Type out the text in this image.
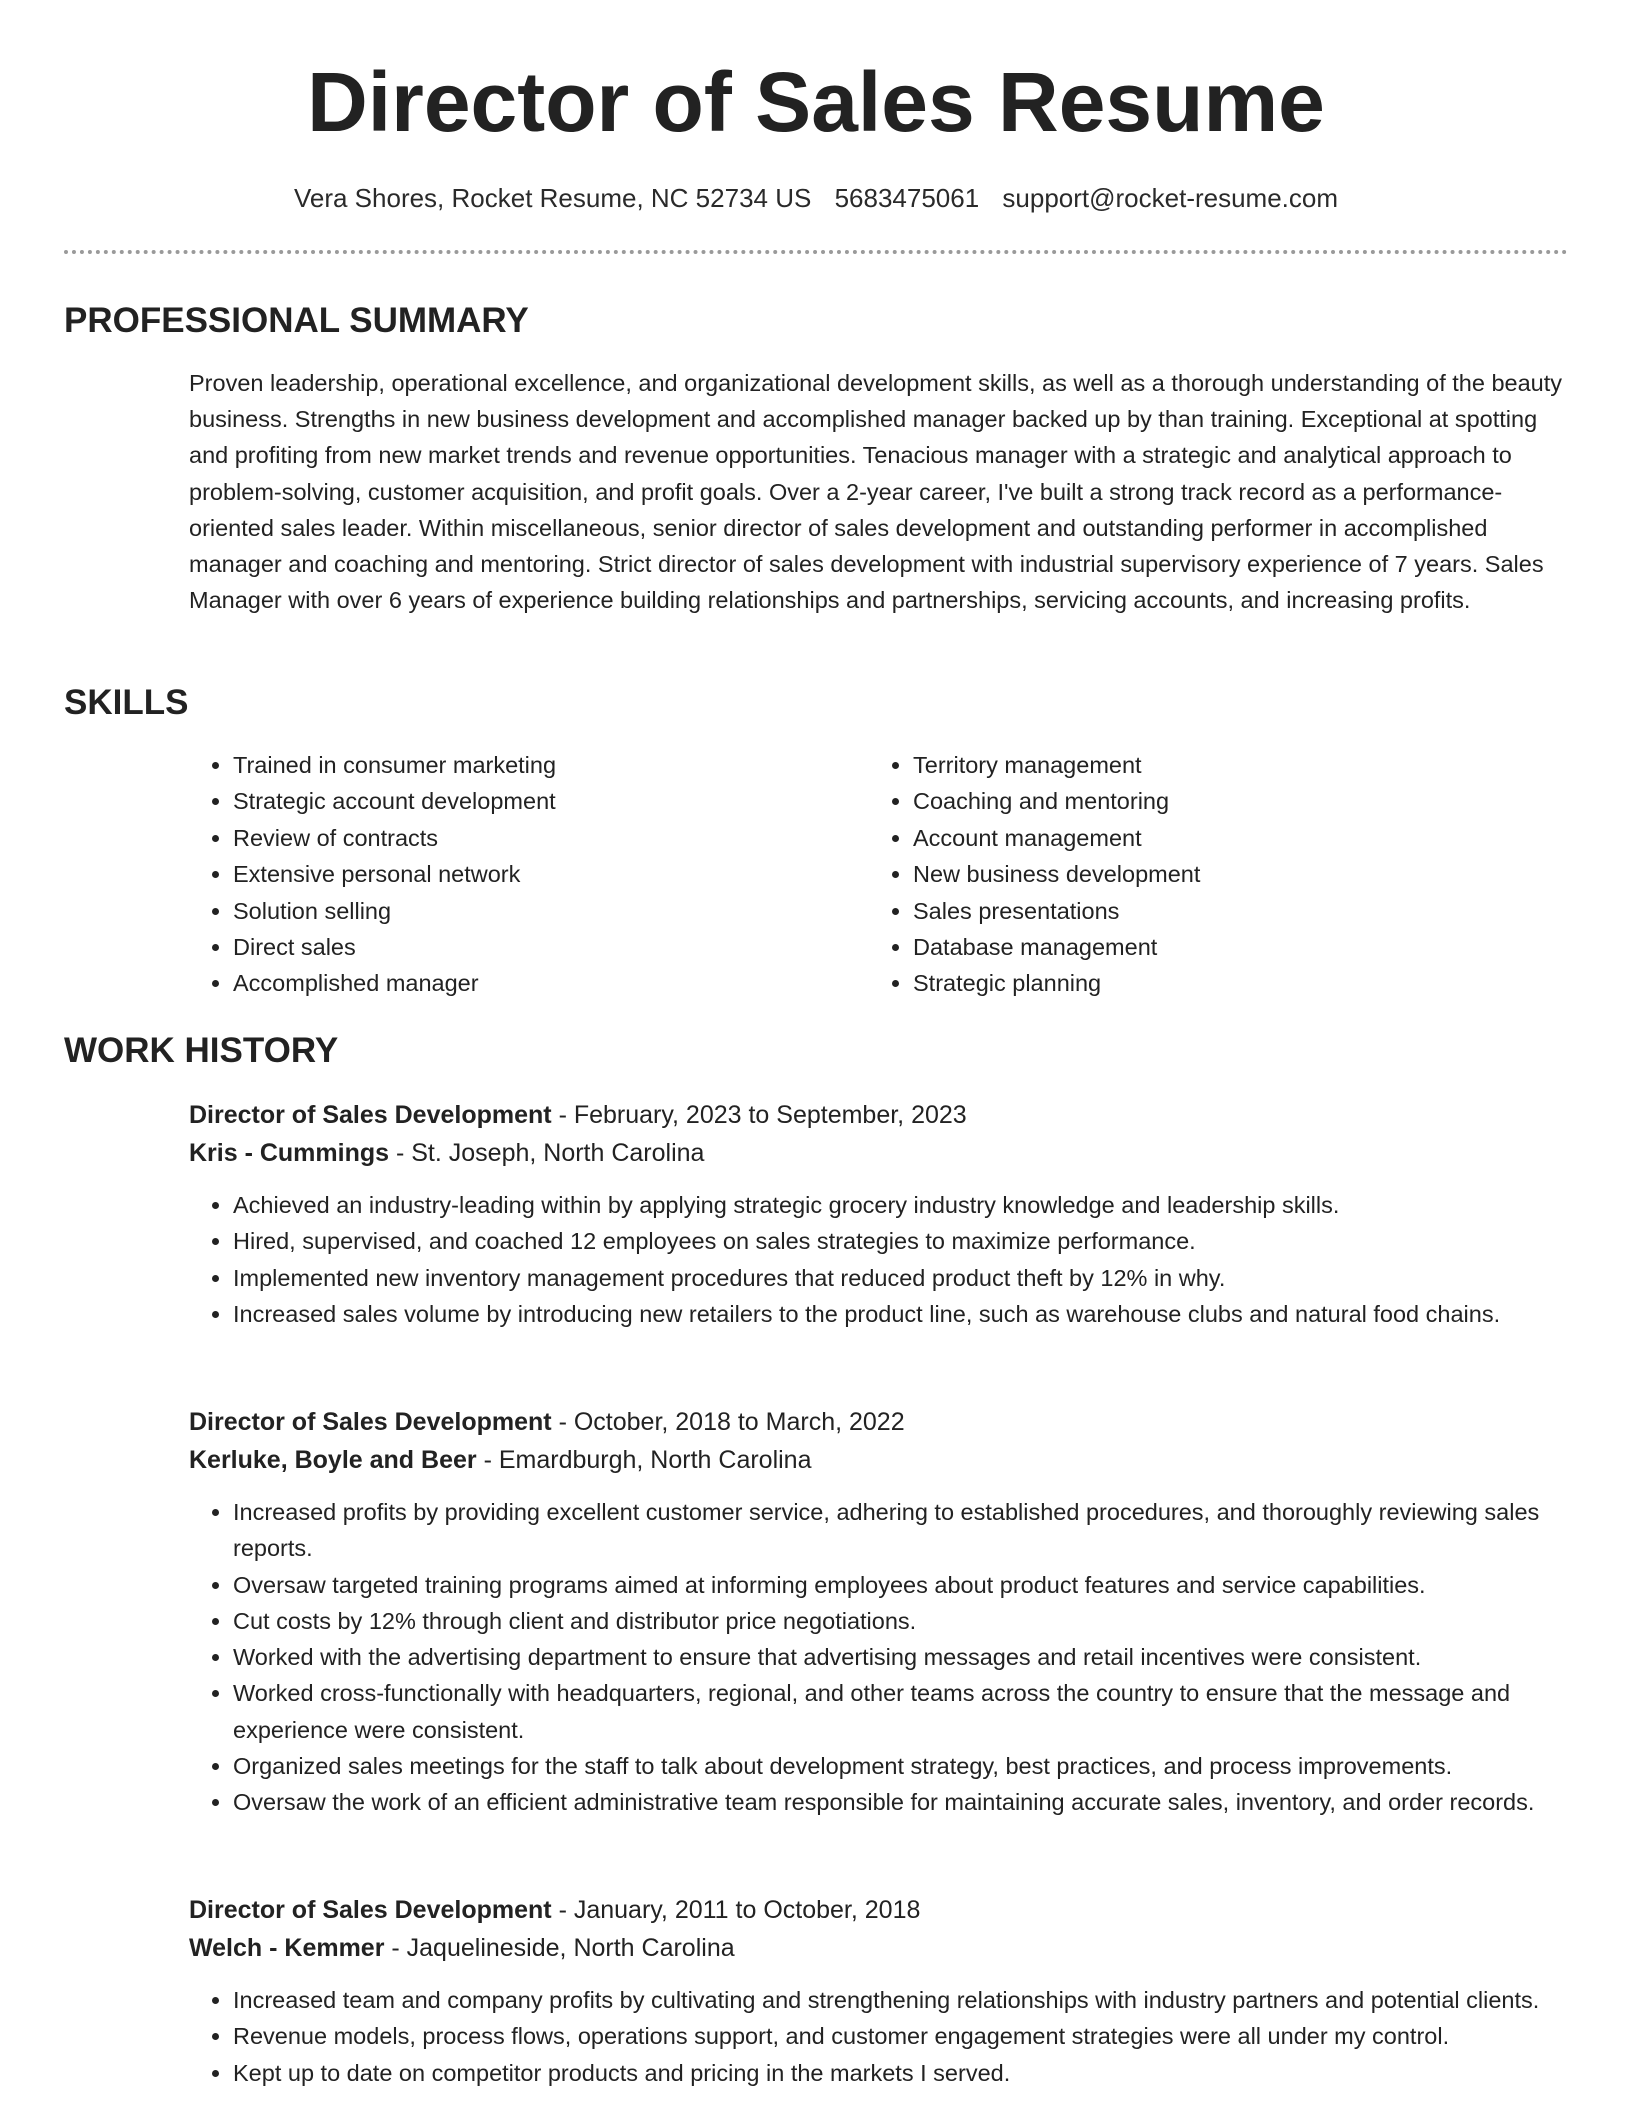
Director of Sales Resume
Vera Shores, Rocket Resume, NC 52734 US 5683475061 support@rocket-resume.com
PROFESSIONAL SUMMARY

Proven leadership, operational excellence, and organizational development skills, as well as a thorough understanding of the beauty business. Strengths in new business development and accomplished manager backed up by than training. Exceptional at spotting and profiting from new market trends and revenue opportunities. Tenacious manager with a strategic and analytical approach to problem-solving, customer acquisition, and profit goals. Over a 2-year career, I've built a strong track record as a performance-oriented sales leader. Within miscellaneous, senior director of sales development and outstanding performer in accomplished manager and coaching and mentoring. Strict director of sales development with industrial supervisory experience of 7 years. Sales Manager with over 6 years of experience building relationships and partnerships, servicing accounts, and increasing profits.

SKILLS
• Trained in consumer marketing
• Strategic account development
• Review of contracts
• Extensive personal network
• Solution selling
• Direct sales
• Accomplished manager
• Territory management
• Coaching and mentoring
• Account management
• New business development
• Sales presentations
• Database management
• Strategic planning
WORK HISTORY
Director of Sales Development - February, 2023 to September, 2023
Kris - Cummings - St. Joseph, North Carolina
• Achieved an industry-leading within by applying strategic grocery industry knowledge and leadership skills.
• Hired, supervised, and coached 12 employees on sales strategies to maximize performance.
• Implemented new inventory management procedures that reduced product theft by 12% in why.
• Increased sales volume by introducing new retailers to the product line, such as warehouse clubs and natural food chains.
Director of Sales Development - October, 2018 to March, 2022
Kerluke, Boyle and Beer - Emardburgh, North Carolina
• Increased profits by providing excellent customer service, adhering to established procedures, and thoroughly reviewing sales reports.
• Oversaw targeted training programs aimed at informing employees about product features and service capabilities.
• Cut costs by 12% through client and distributor price negotiations.
• Worked with the advertising department to ensure that advertising messages and retail incentives were consistent.
• Worked cross-functionally with headquarters, regional, and other teams across the country to ensure that the message and experience were consistent.
• Organized sales meetings for the staff to talk about development strategy, best practices, and process improvements.
• Oversaw the work of an efficient administrative team responsible for maintaining accurate sales, inventory, and order records.
Director of Sales Development - January, 2011 to October, 2018
Welch - Kemmer - Jaquelineside, North Carolina
• Increased team and company profits by cultivating and strengthening relationships with industry partners and potential clients.
• Revenue models, process flows, operations support, and customer engagement strategies were all under my control.
• Kept up to date on competitor products and pricing in the markets I served.
